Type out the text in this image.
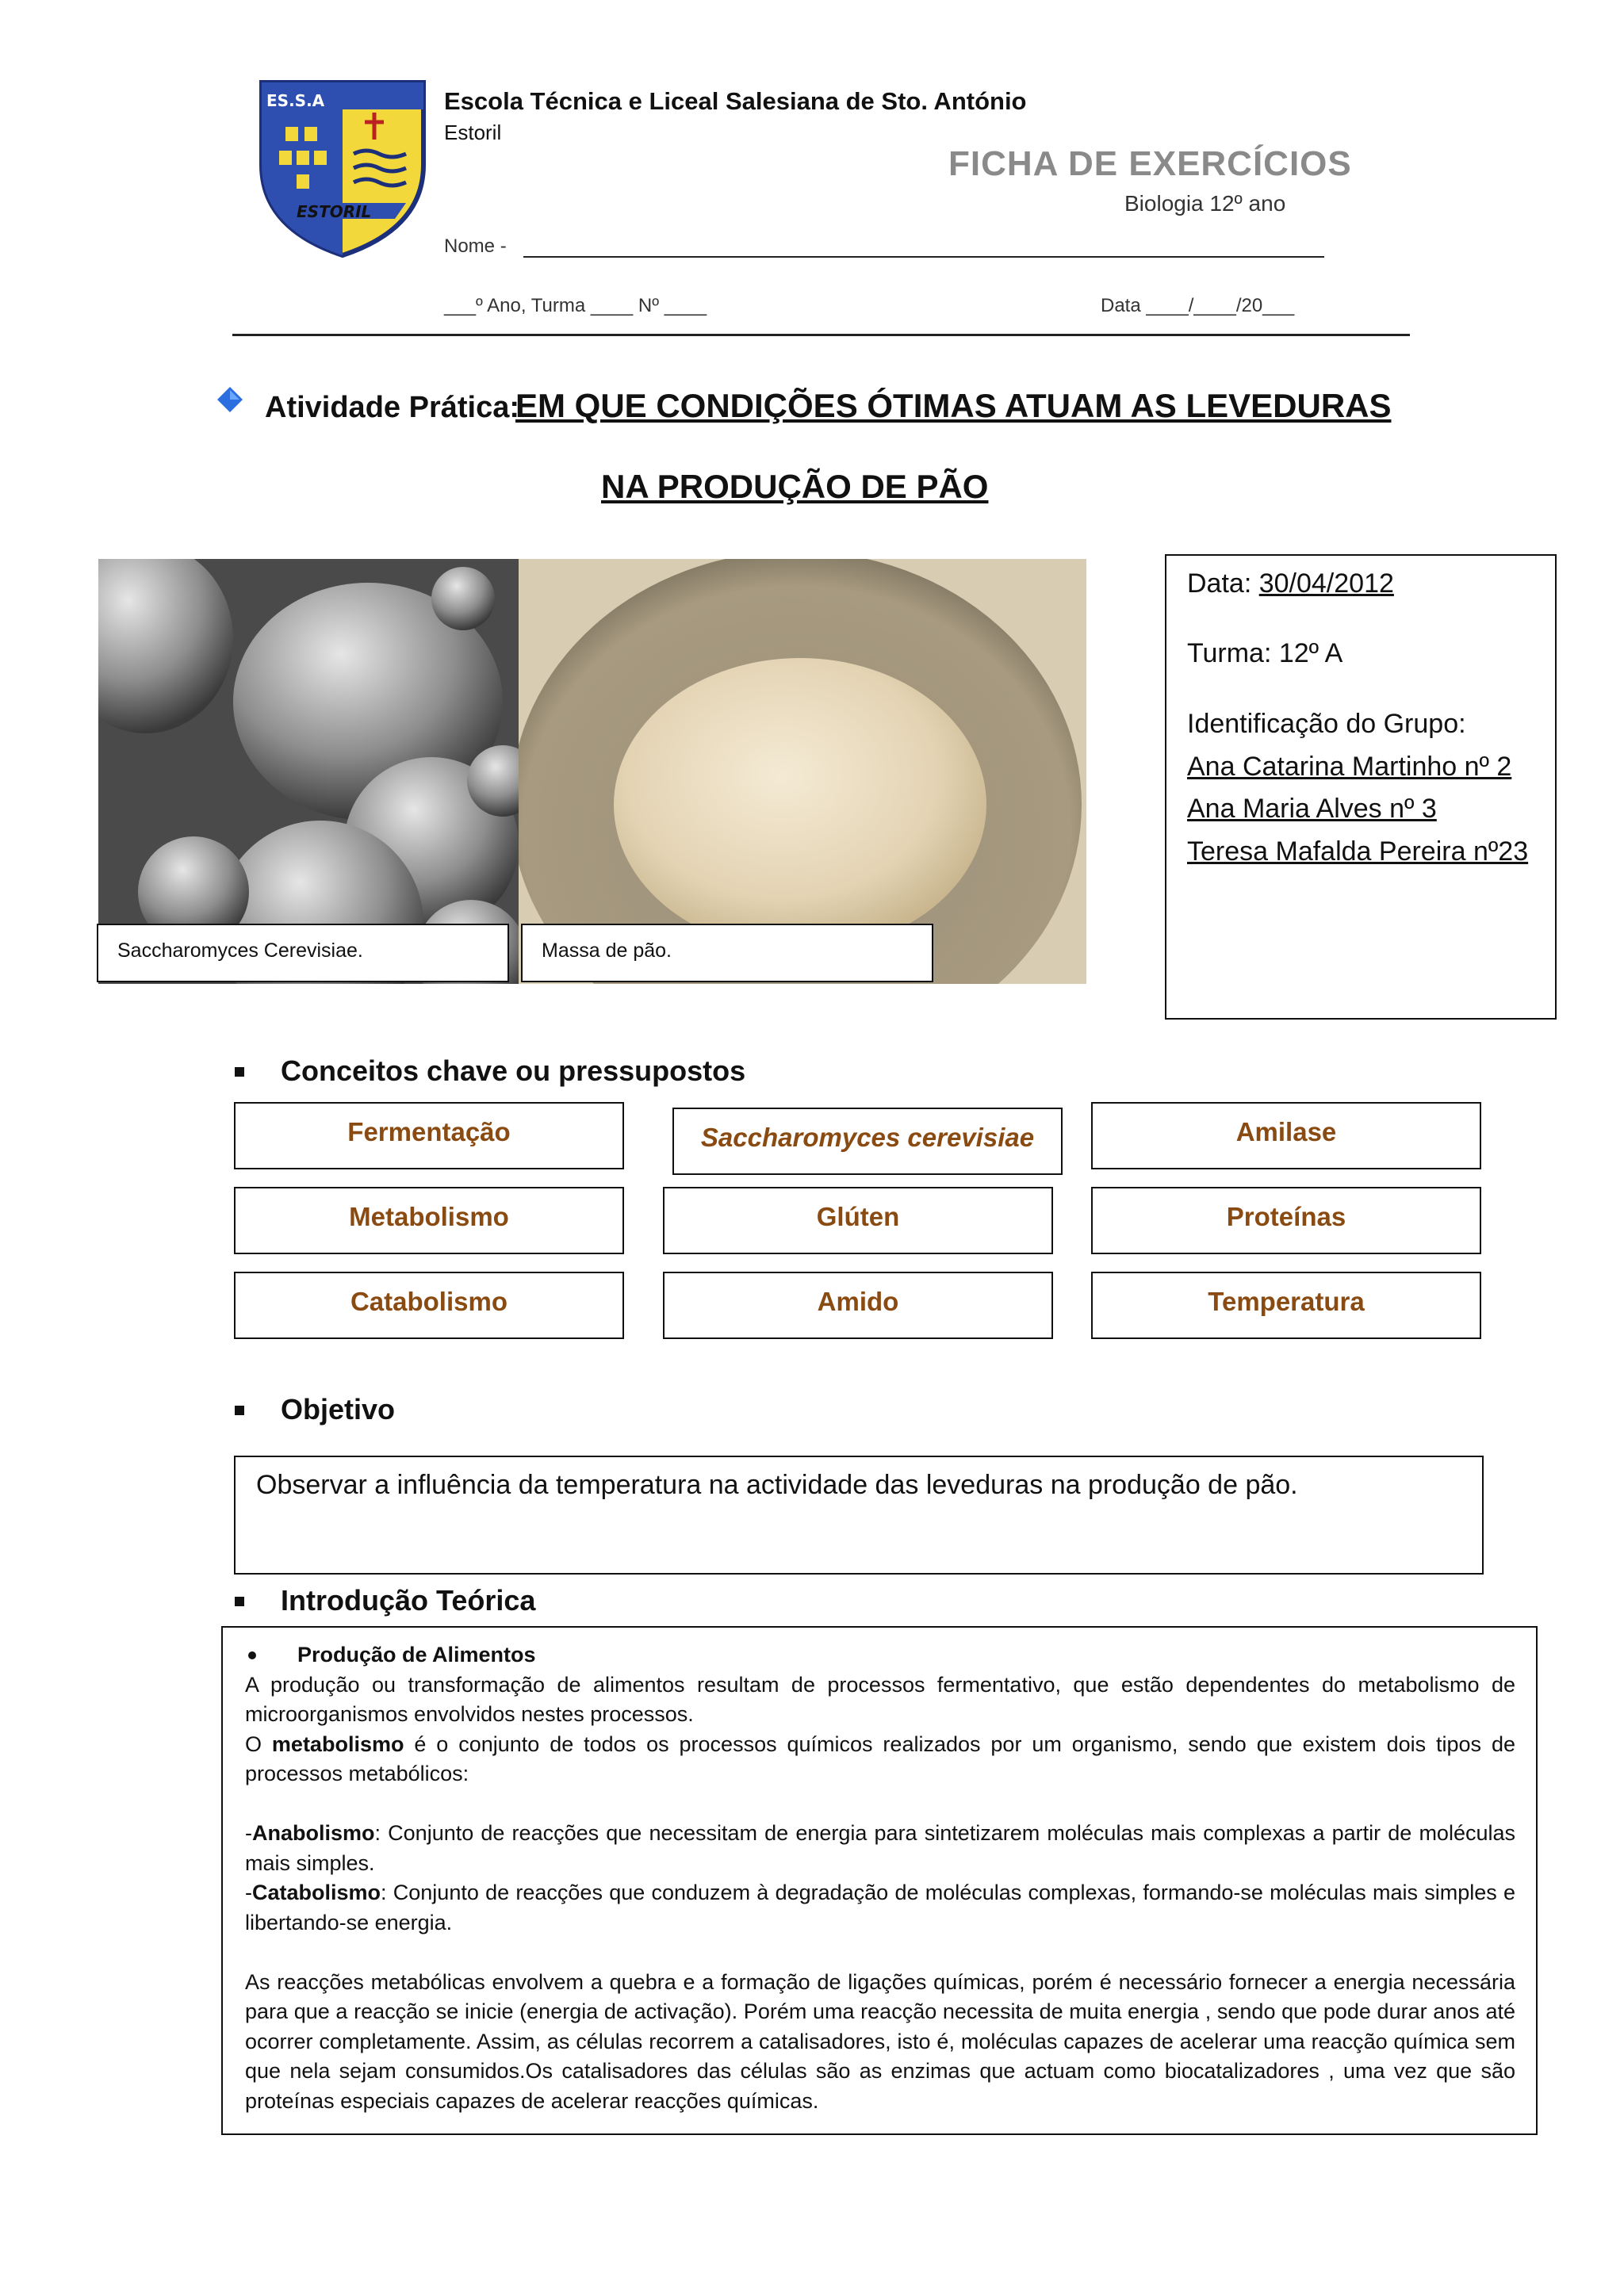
ES.S.A
ESTORIL
Escola Técnica e Liceal Salesiana de Sto. António
Estoril
FICHA DE EXERCÍCIOS
Biologia 12º ano
Nome -
___º Ano, Turma ____ Nº ____	Data ____/____/20___
Atividade Prática:
EM QUE CONDIÇÕES ÓTIMAS ATUAM AS LEVEDURAS
NA PRODUÇÃO DE PÃO
Saccharomyces Cerevisiae.	Massa de pão.
Data: 30/04/2012
Turma: 12º A
Identificação do Grupo:
Ana Catarina Martinho nº 2
Ana Maria Alves nº 3
Teresa Mafalda Pereira nº23
Conceitos chave ou pressupostos
Fermentação	Saccharomyces cerevisiae	Amilase
Metabolismo	Glúten	Proteínas
Catabolismo	Amido	Temperatura
Objetivo
Observar a influência da temperatura na actividade das leveduras na produção de pão.
Introdução Teórica
Produção de Alimentos

A produção ou transformação de alimentos resultam de processos fermentativo, que estão dependentes do metabolismo de microorganismos envolvidos nestes processos.

O metabolismo é o conjunto de todos os processos químicos realizados por um organismo, sendo que existem dois tipos de processos metabólicos:

-Anabolismo: Conjunto de reacções que necessitam de energia para sintetizarem moléculas mais complexas a partir de moléculas mais simples.

-Catabolismo: Conjunto de reacções que conduzem à degradação de moléculas complexas, formando-se moléculas mais simples e libertando-se energia.

As reacções metabólicas envolvem a quebra e a formação de ligações químicas, porém é necessário fornecer a energia necessária para que a reacção se inicie (energia de activação). Porém uma reacção necessita de muita energia , sendo que pode durar anos até ocorrer completamente. Assim, as células recorrem a catalisadores, isto é, moléculas capazes de acelerar uma reacção química sem que nela sejam consumidos.Os catalisadores das células são as enzimas que actuam como biocatalizadores , uma vez que são proteínas especiais capazes de acelerar reacções químicas.
